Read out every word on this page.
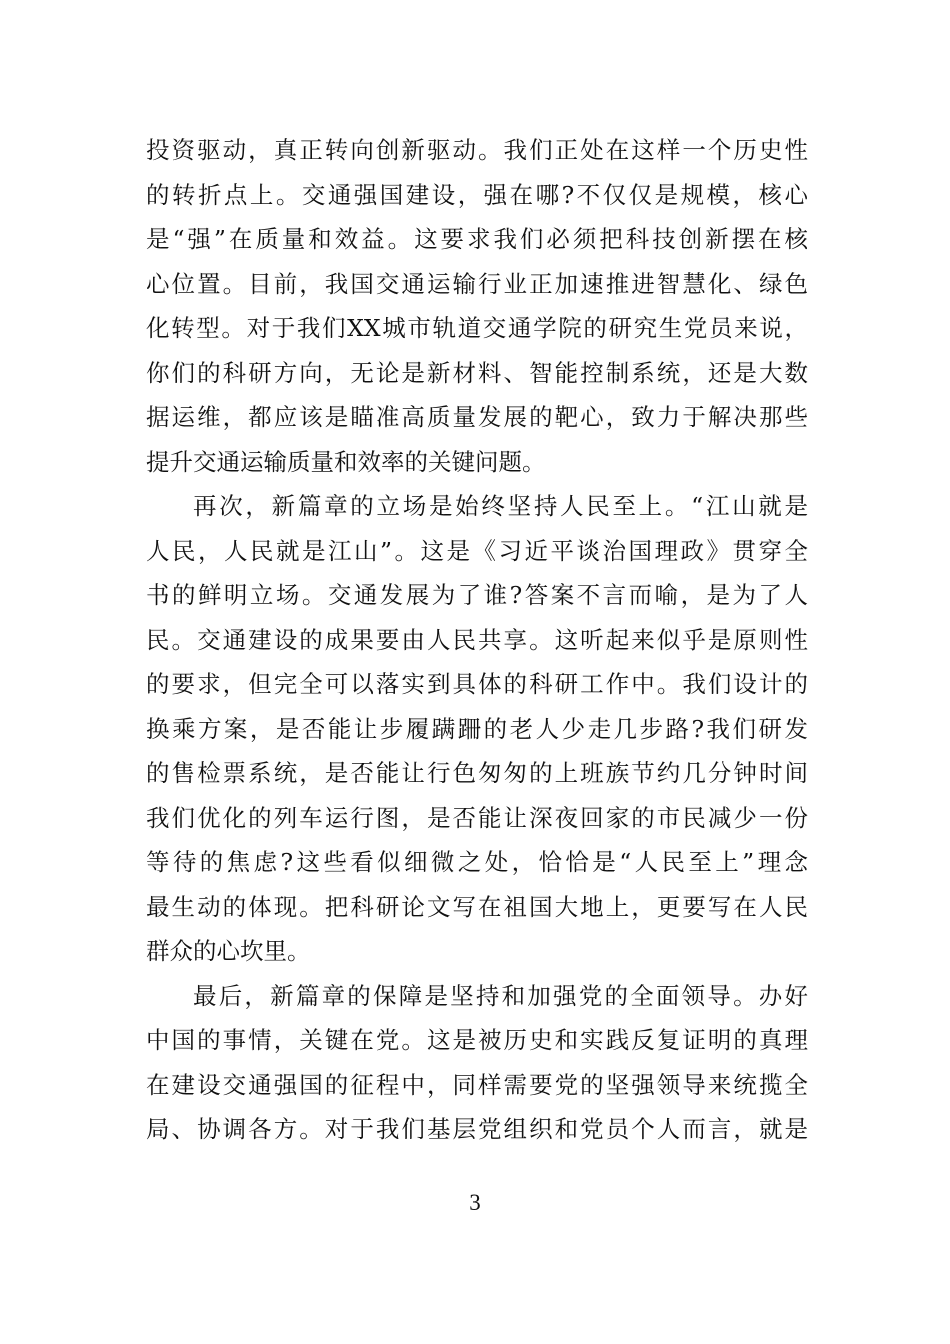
投资驱动，真正转向创新驱动。我们正处在这样一个历史性
的转折点上。交通强国建设，强在哪?不仅仅是规模，核心
是“强”在质量和效益。这要求我们必须把科技创新摆在核
心位置。目前，我国交通运输行业正加速推进智慧化、绿色
化转型。对于我们XX城市轨道交通学院的研究生党员来说，
你们的科研方向，无论是新材料、智能控制系统，还是大数
据运维，都应该是瞄准高质量发展的靶心，致力于解决那些
提升交通运输质量和效率的关键问题。
再次，新篇章的立场是始终坚持人民至上。“江山就是
人民，人民就是江山”。这是《习近平谈治国理政》贯穿全
书的鲜明立场。交通发展为了谁?答案不言而喻，是为了人
民。交通建设的成果要由人民共享。这听起来似乎是原则性
的要求，但完全可以落实到具体的科研工作中。我们设计的
换乘方案，是否能让步履蹒跚的老人少走几步路?我们研发
的售检票系统，是否能让行色匆匆的上班族节约几分钟时间
我们优化的列车运行图，是否能让深夜回家的市民减少一份
等待的焦虑?这些看似细微之处，恰恰是“人民至上”理念
最生动的体现。把科研论文写在祖国大地上，更要写在人民
群众的心坎里。
最后，新篇章的保障是坚持和加强党的全面领导。办好
中国的事情，关键在党。这是被历史和实践反复证明的真理
在建设交通强国的征程中，同样需要党的坚强领导来统揽全
局、协调各方。对于我们基层党组织和党员个人而言，就是
3
